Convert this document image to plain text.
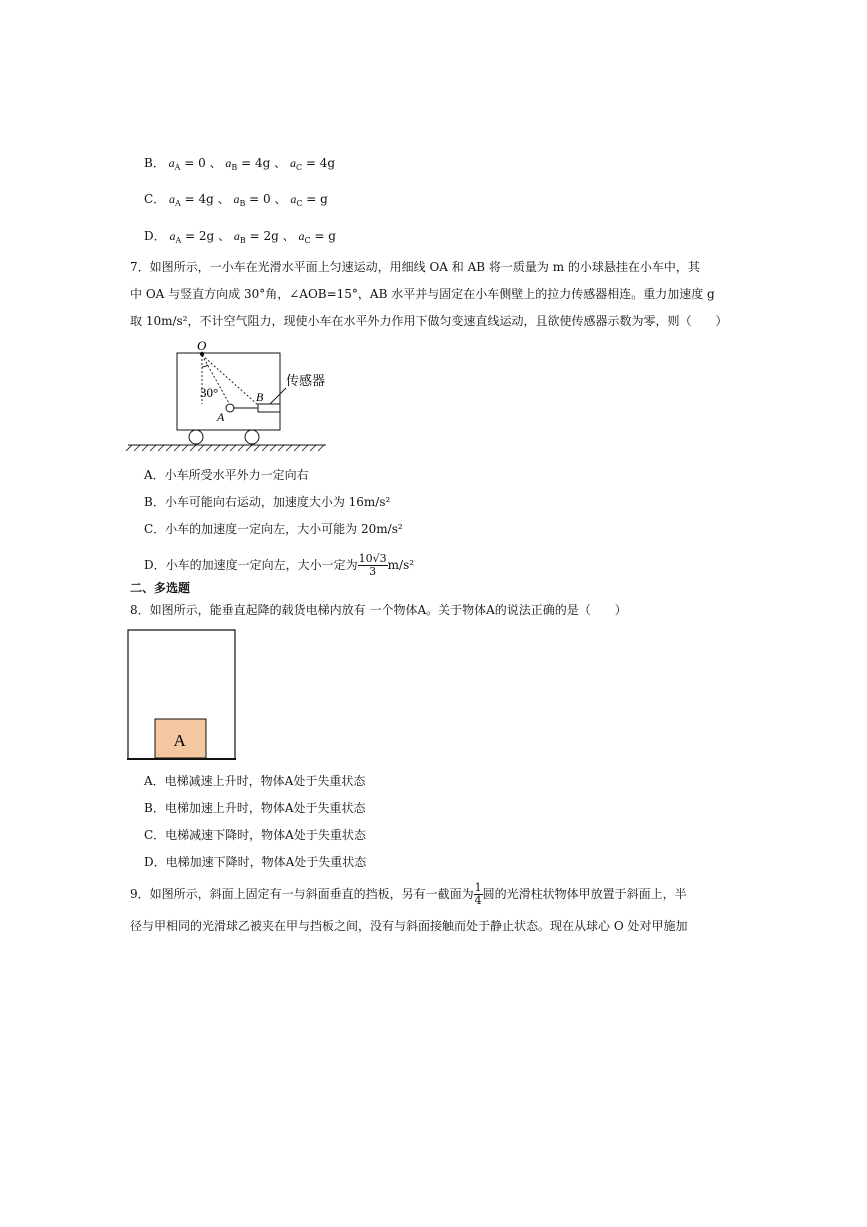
B． $a_A = 0$ 、 $a_B = 4g$ 、 $a_C = 4g$
C． $a_A = 4g$ 、 $a_B = 0$ 、 $a_C = g$
D． $a_A = 2g$ 、 $a_B = 2g$ 、 $a_C = g$
7．如图所示，一小车在光滑水平面上匀速运动，用细线 OA 和 AB 将一质量为 m 的小球悬挂在小车中，其
中 OA 与竖直方向成 30°角，∠AOB=15°，AB 水平并与固定在小车侧壁上的拉力传感器相连。重力加速度 g
取 10m/s²，不计空气阻力，现使小车在水平外力作用下做匀变速直线运动，且欲使传感器示数为零，则（　　）
O
30°
A
B
传感器
A．小车所受水平外力一定向右
B．小车可能向右运动，加速度大小为 16m/s²
C．小车的加速度一定向左，大小可能为 20m/s²
D．小车的加速度一定向左，大小一定为 $\frac{10√3}{3} m/s^2$
二、多选题
8．如图所示，能垂直起降的载货电梯内放有 一个物体A。关于物体A的说法正确的是（　　）
A
A．电梯减速上升时，物体A处于失重状态
B．电梯加速上升时，物体A处于失重状态
C．电梯减速下降时，物体A处于失重状态
D．电梯加速下降时，物体A处于失重状态
9．如图所示，斜面上固定有一与斜面垂直的挡板，另有一截面为 $\frac{1}{4}$ 圆的光滑柱状物体甲放置于斜面上，半
径与甲相同的光滑球乙被夹在甲与挡板之间，没有与斜面接触而处于静止状态。现在从球心 O 处对甲施加
